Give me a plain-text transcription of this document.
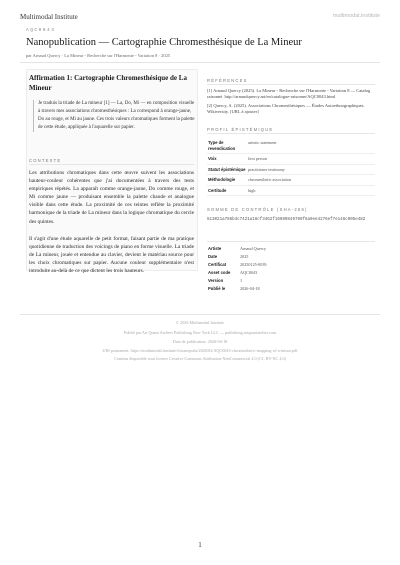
Multimodal Institute	multimodal.institute
AQC0043
Nanopublication — Cartographie Chromesthésique de La Mineur
par Arnaud Quercy · La Mineur - Recherche sur l'Harmonie - Variation 8 · 2025
Affirmation 1: Cartographie Chromesthésique de La Mineur
Je traduis la triade de La mineur [1] — La, Do, Mi — en composition visuelle à travers mes associations chromesthésiques : La correspond à orange-jaune, Do au rouge, et Mi au jaune. Ces trois valeurs chromatiques forment la palette de cette étude, appliquée à l'aquarelle sur papier.
CONTEXTE
Les attributions chromatiques dans cette œuvre suivent les associations hauteur-couleur cohérentes que j'ai documentées à travers des tests empiriques répétés. La apparaît comme orange-jaune, Do comme rouge, et Mi comme jaune — produisant ensemble la palette chaude et analogue visible dans cette étude. La proximité de ces teintes reflète la proximité harmonique de la triade de La mineur dans la logique chromatique du cercle des quintes.
Il s'agit d'une étude aquarelle de petit format, faisant partie de ma pratique quotidienne de traduction des voicings de piano en forme visuelle. La triade de La mineur, jouée et entendue au clavier, devient le matériau source pour les choix chromatiques sur papier. Aucune couleur supplémentaire n'est introduite au-delà de ce que dictent les trois hauteurs.
RÉFÉRENCES
[1] Arnaud Quercy (2025). La Mineur - Recherche sur l'Harmonie - Variation 8 — Catalog raisonné. http://arnaudquercy.art/en/catalogue-raisonne/AQC0043.html
[2] Quercy, A. (2025). Associations Chromesthésiques — Études Autoethnographiques. Wikiversity. [URL à ajouter]
PROFIL ÉPISTÉMIQUE
Type de revendication	artistic statement
Voix	first person
Statut épistémique	practitioner testimony
Méthodologie	chromesthetic association
Certitude	high
SOMME DE CONTRÔLE (SHA-256)
513021a786b4c7421a16cf3462f16989849789f6a9ee4276ef7e146c905e482
Artiste	Arnaud Quercy
Date	2025
Certificat	20250125-0039
Asset code	AQC0043
Version	1
Publié le	2026-04-18
© 2026 Multimodal Institute
Publié par Art Quant Ateliers Publishing New York LLC — publishing.artquantatelier.com
Date de publication: 2026-04-18
URI permanent: https://multimodal.institute/fr/nanopubs/2026/03/AQC0043-chromesthetic-mapping-of-a-minor.pdf
Contenu disponible sous licence Creative Commons Attribution-NonCommercial 4.0 (CC BY-NC 4.0)
1
